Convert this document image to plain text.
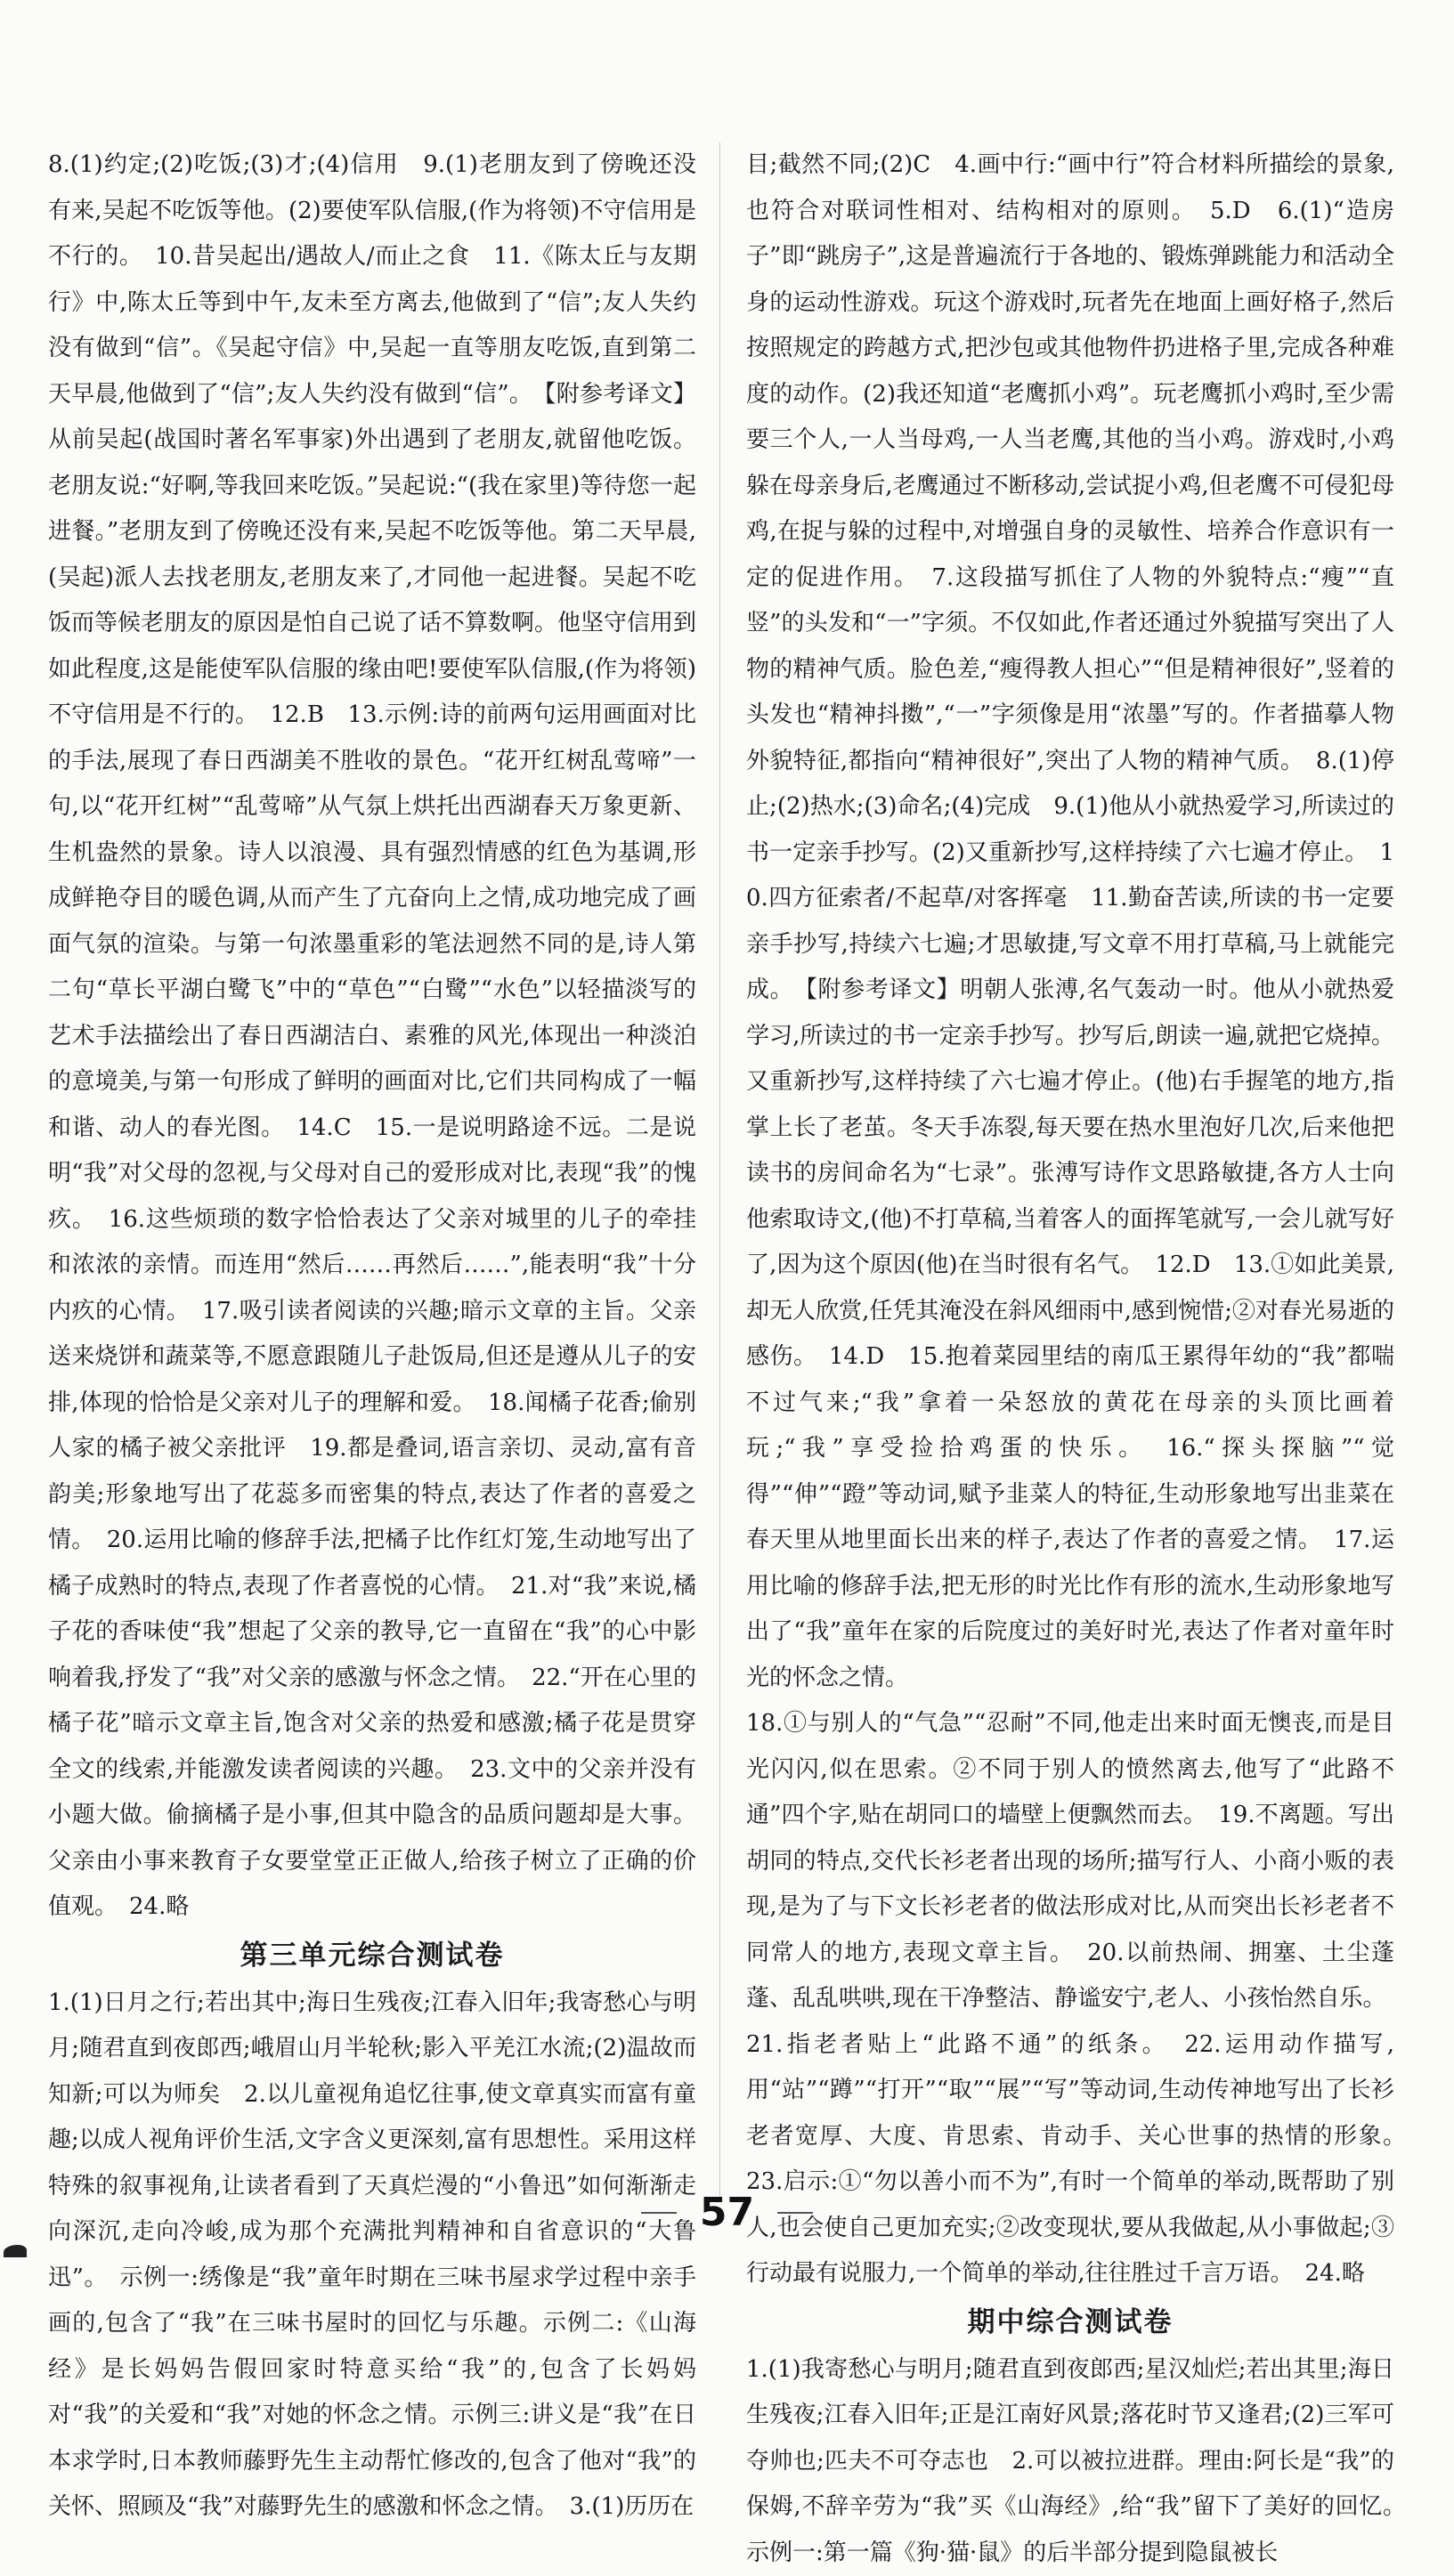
8.(1)约定;(2)吃饭;(3)才;(4)信用　9.(1)老朋友到了傍晚还没有来,吴起不吃饭等他。(2)要使军队信服,(作为将领)不守信用是不行的。　10.昔吴起出/遇故人/而止之食　11.《陈太丘与友期行》中,陈太丘等到中午,友未至方离去,他做到了“信”;友人失约没有做到“信”。《吴起守信》中,吴起一直等朋友吃饭,直到第二天早晨,他做到了“信”;友人失约没有做到“信”。　【附参考译文】从前吴起(战国时著名军事家)外出遇到了老朋友,就留他吃饭。老朋友说:“好啊,等我回来吃饭。”吴起说:“(我在家里)等待您一起进餐。”老朋友到了傍晚还没有来,吴起不吃饭等他。第二天早晨,(吴起)派人去找老朋友,老朋友来了,才同他一起进餐。吴起不吃饭而等候老朋友的原因是怕自己说了话不算数啊。他坚守信用到如此程度,这是能使军队信服的缘由吧!要使军队信服,(作为将领)不守信用是不行的。　12.B　13.示例:诗的前两句运用画面对比的手法,展现了春日西湖美不胜收的景色。“花开红树乱莺啼”一句,以“花开红树”“乱莺啼”从气氛上烘托出西湖春天万象更新、生机盎然的景象。诗人以浪漫、具有强烈情感的红色为基调,形成鲜艳夺目的暖色调,从而产生了亢奋向上之情,成功地完成了画面气氛的渲染。与第一句浓墨重彩的笔法迥然不同的是,诗人第二句“草长平湖白鹭飞”中的“草色”“白鹭”“水色”以轻描淡写的艺术手法描绘出了春日西湖洁白、素雅的风光,体现出一种淡泊的意境美,与第一句形成了鲜明的画面对比,它们共同构成了一幅和谐、动人的春光图。　14.C　15.一是说明路途不远。二是说明“我”对父母的忽视,与父母对自己的爱形成对比,表现“我”的愧疚。　16.这些烦琐的数字恰恰表达了父亲对城里的儿子的牵挂和浓浓的亲情。而连用“然后……再然后……”,能表明“我”十分内疚的心情。　17.吸引读者阅读的兴趣;暗示文章的主旨。父亲送来烧饼和蔬菜等,不愿意跟随儿子赴饭局,但还是遵从儿子的安排,体现的恰恰是父亲对儿子的理解和爱。　18.闻橘子花香;偷别人家的橘子被父亲批评　19.都是叠词,语言亲切、灵动,富有音韵美;形象地写出了花蕊多而密集的特点,表达了作者的喜爱之情。　20.运用比喻的修辞手法,把橘子比作红灯笼,生动地写出了橘子成熟时的特点,表现了作者喜悦的心情。　21.对“我”来说,橘子花的香味使“我”想起了父亲的教导,它一直留在“我”的心中影响着我,抒发了“我”对父亲的感激与怀念之情。　22.“开在心里的橘子花”暗示文章主旨,饱含对父亲的热爱和感激;橘子花是贯穿全文的线索,并能激发读者阅读的兴趣。　23.文中的父亲并没有小题大做。偷摘橘子是小事,但其中隐含的品质问题却是大事。父亲由小事来教育子女要堂堂正正做人,给孩子树立了正确的价值观。　24.略

第三单元综合测试卷

1.(1)日月之行;若出其中;海日生残夜;江春入旧年;我寄愁心与明月;随君直到夜郎西;峨眉山月半轮秋;影入平羌江水流;(2)温故而知新;可以为师矣　2.以儿童视角追忆往事,使文章真实而富有童趣;以成人视角评价生活,文字含义更深刻,富有思想性。采用这样特殊的叙事视角,让读者看到了天真烂漫的“小鲁迅”如何渐渐走向深沉,走向冷峻,成为那个充满批判精神和自省意识的“大鲁迅”。　示例一:绣像是“我”童年时期在三味书屋求学过程中亲手画的,包含了“我”在三味书屋时的回忆与乐趣。示例二:《山海经》是长妈妈告假回家时特意买给“我”的,包含了长妈妈对“我”的关爱和“我”对她的怀念之情。示例三:讲义是“我”在日本求学时,日本教师藤野先生主动帮忙修改的,包含了他对“我”的关怀、照顾及“我”对藤野先生的感激和怀念之情。　3.(1)历历在

目;截然不同;(2)C　4.画中行:“画中行”符合材料所描绘的景象,也符合对联词性相对、结构相对的原则。　5.D　6.(1)“造房子”即“跳房子”,这是普遍流行于各地的、锻炼弹跳能力和活动全身的运动性游戏。玩这个游戏时,玩者先在地面上画好格子,然后按照规定的跨越方式,把沙包或其他物件扔进格子里,完成各种难度的动作。(2)我还知道“老鹰抓小鸡”。玩老鹰抓小鸡时,至少需要三个人,一人当母鸡,一人当老鹰,其他的当小鸡。游戏时,小鸡躲在母亲身后,老鹰通过不断移动,尝试捉小鸡,但老鹰不可侵犯母鸡,在捉与躲的过程中,对增强自身的灵敏性、培养合作意识有一定的促进作用。　7.这段描写抓住了人物的外貌特点:“瘦”“直竖”的头发和“一”字须。不仅如此,作者还通过外貌描写突出了人物的精神气质。脸色差,“瘦得教人担心”“但是精神很好”,竖着的头发也“精神抖擞”,“一”字须像是用“浓墨”写的。作者描摹人物外貌特征,都指向“精神很好”,突出了人物的精神气质。　8.(1)停止;(2)热水;(3)命名;(4)完成　9.(1)他从小就热爱学习,所读过的书一定亲手抄写。(2)又重新抄写,这样持续了六七遍才停止。　10.四方征索者/不起草/对客挥毫　11.勤奋苦读,所读的书一定要亲手抄写,持续六七遍;才思敏捷,写文章不用打草稿,马上就能完成。　【附参考译文】明朝人张溥,名气轰动一时。他从小就热爱学习,所读过的书一定亲手抄写。抄写后,朗读一遍,就把它烧掉。又重新抄写,这样持续了六七遍才停止。(他)右手握笔的地方,指掌上长了老茧。冬天手冻裂,每天要在热水里泡好几次,后来他把读书的房间命名为“七录”。张溥写诗作文思路敏捷,各方人士向他索取诗文,(他)不打草稿,当着客人的面挥笔就写,一会儿就写好了,因为这个原因(他)在当时很有名气。　12.D　13.①如此美景,却无人欣赏,任凭其淹没在斜风细雨中,感到惋惜;②对春光易逝的感伤。　14.D　15.抱着菜园里结的南瓜王累得年幼的“我”都喘不过气来;“我”拿着一朵怒放的黄花在母亲的头顶比画着玩;“我”享受捡拾鸡蛋的快乐。　16.“探头探脑”“觉得”“伸”“蹬”等动词,赋予韭菜人的特征,生动形象地写出韭菜在春天里从地里面长出来的样子,表达了作者的喜爱之情。　17.运用比喻的修辞手法,把无形的时光比作有形的流水,生动形象地写出了“我”童年在家的后院度过的美好时光,表达了作者对童年时光的怀念之情。

18.①与别人的“气急”“忍耐”不同,他走出来时面无懊丧,而是目光闪闪,似在思索。②不同于别人的愤然离去,他写了“此路不通”四个字,贴在胡同口的墙壁上便飘然而去。　19.不离题。写出胡同的特点,交代长衫老者出现的场所;描写行人、小商小贩的表现,是为了与下文长衫老者的做法形成对比,从而突出长衫老者不同常人的地方,表现文章主旨。　20.以前热闹、拥塞、土尘蓬蓬、乱乱哄哄,现在干净整洁、静谧安宁,老人、小孩怡然自乐。

21.指老者贴上“此路不通”的纸条。　22.运用动作描写,用“站”“蹲”“打开”“取”“展”“写”等动词,生动传神地写出了长衫老者宽厚、大度、肯思索、肯动手、关心世事的热情的形象。　23.启示:①“勿以善小而不为”,有时一个简单的举动,既帮助了别人,也会使自己更加充实;②改变现状,要从我做起,从小事做起;③行动最有说服力,一个简单的举动,往往胜过千言万语。　24.略

期中综合测试卷

1.(1)我寄愁心与明月;随君直到夜郎西;星汉灿烂;若出其里;海日生残夜;江春入旧年;正是江南好风景;落花时节又逢君;(2)三军可夺帅也;匹夫不可夺志也　2.可以被拉进群。理由:阿长是“我”的保姆,不辞辛劳为“我”买《山海经》,给“我”留下了美好的回忆。　示例一:第一篇《狗·猫·鼠》的后半部分提到隐鼠被长

57
